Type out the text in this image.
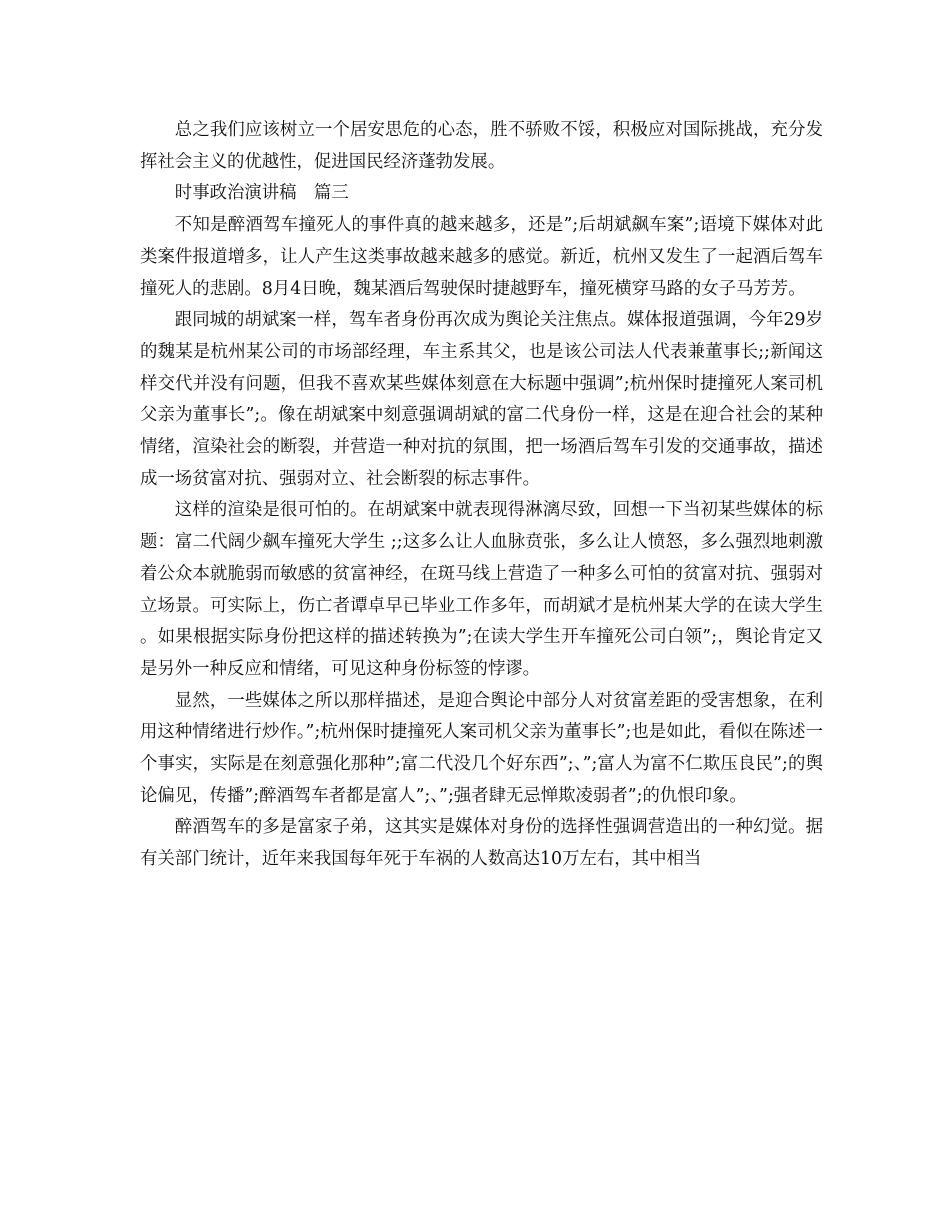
总之我们应该树立一个居安思危的心态，胜不骄败不馁，积极应对国际挑战，充分发挥社会主义的优越性，促进国民经济蓬勃发展。

时事政治演讲稿　篇三

不知是醉酒驾车撞死人的事件真的越来越多，还是”;后胡斌飙车案”;语境下媒体对此类案件报道增多，让人产生这类事故越来越多的感觉。新近，杭州又发生了一起酒后驾车撞死人的悲剧。8月4日晚，魏某酒后驾驶保时捷越野车，撞死横穿马路的女子马芳芳。

跟同城的胡斌案一样，驾车者身份再次成为舆论关注焦点。媒体报道强调，今年29岁的魏某是杭州某公司的市场部经理，车主系其父，也是该公司法人代表兼董事长;;新闻这样交代并没有问题，但我不喜欢某些媒体刻意在大标题中强调”;杭州保时捷撞死人案司机父亲为董事长”;。像在胡斌案中刻意强调胡斌的富二代身份一样，这是在迎合社会的某种情绪，渲染社会的断裂，并营造一种对抗的氛围，把一场酒后驾车引发的交通事故，描述成一场贫富对抗、强弱对立、社会断裂的标志事件。

这样的渲染是很可怕的。在胡斌案中就表现得淋漓尽致，回想一下当初某些媒体的标题：富二代阔少飙车撞死大学生 ;;这多么让人血脉贲张，多么让人愤怒，多么强烈地刺激着公众本就脆弱而敏感的贫富神经，在斑马线上营造了一种多么可怕的贫富对抗、强弱对立场景。可实际上，伤亡者谭卓早已毕业工作多年，而胡斌才是杭州某大学的在读大学生。如果根据实际身份把这样的描述转换为”;在读大学生开车撞死公司白领”;，舆论肯定又是另外一种反应和情绪，可见这种身份标签的悖谬。

显然，一些媒体之所以那样描述，是迎合舆论中部分人对贫富差距的受害想象，在利用这种情绪进行炒作。”;杭州保时捷撞死人案司机父亲为董事长”;也是如此，看似在陈述一个事实，实际是在刻意强化那种”;富二代没几个好东西”;、”;富人为富不仁欺压良民”;的舆论偏见，传播”;醉酒驾车者都是富人”;、”;强者肆无忌惮欺凌弱者”;的仇恨印象。

醉酒驾车的多是富家子弟，这其实是媒体对身份的选择性强调营造出的一种幻觉。据有关部门统计，近年来我国每年死于车祸的人数高达10万左右，其中相当
